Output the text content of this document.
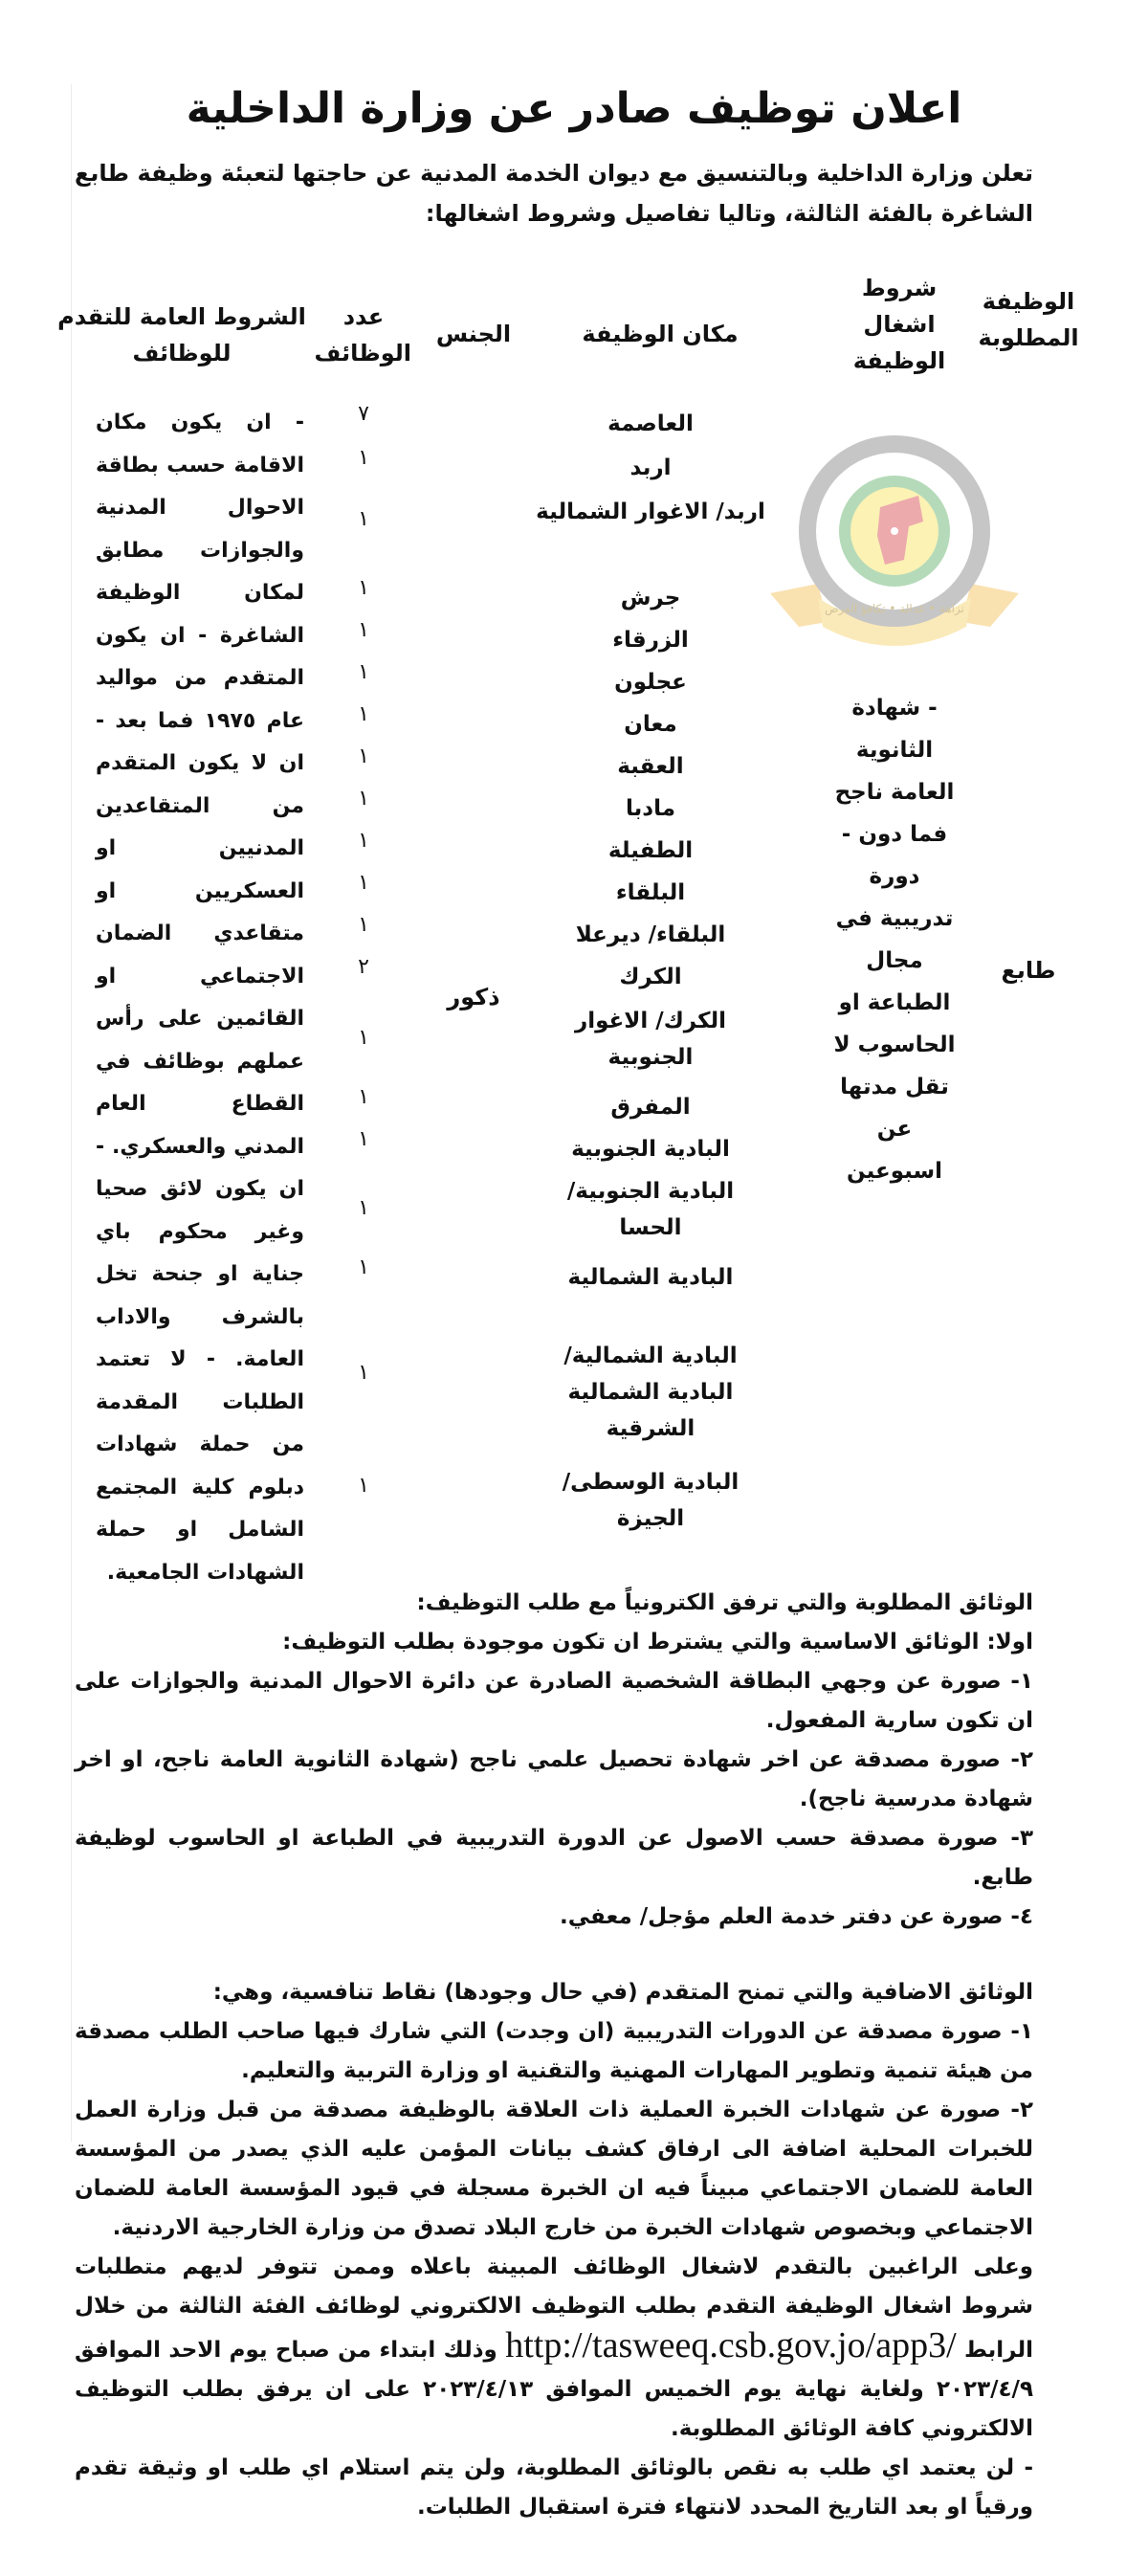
اعلان توظيف صادر عن وزارة الداخلية
تعلن وزارة الداخلية وبالتنسيق مع ديوان الخدمة المدنية عن حاجتها لتعبئة وظيفة طابع الشاغرة بالفئة الثالثة، وتاليا تفاصيل وشروط اشغالها:
الوظيفة المطلوبة
شروط اشغال الوظيفة
مكان الوظيفة
الجنس
عدد الوظائف
الشروط العامة للتقدم للوظائف
نزاهة • عدالة • تكافؤ الفرص
طابع
ذكور
- شهادة الثانوية العامة ناجح فما دون - دورة تدريبية في مجال الطباعة او الحاسوب لا تقل مدتها عن اسبوعين
العاصمة
اربد
اربد/ الاغوار الشمالية
جرش
الزرقاء
عجلون
معان
العقبة
مادبا
الطفيلة
البلقاء
البلقاء/ ديرعلا
الكرك
الكرك/ الاغوار الجنوبية
المفرق
البادية الجنوبية
البادية الجنوبية/ الحسا
البادية الشمالية
البادية الشمالية/ البادية الشمالية الشرقية
البادية الوسطى/ الجيزة
٧
١
١
١
١
١
١
١
١
١
١
١
٢
١
١
١
١
١
١
١
- ان يكون مكان الاقامة حسب بطاقة الاحوال المدنية والجوازات مطابق لمكان الوظيفة الشاغرة - ان يكون المتقدم من مواليد عام ١٩٧٥ فما بعد - ان لا يكون المتقدم من المتقاعدين المدنيين او العسكريين او متقاعدي الضمان الاجتماعي او القائمين على رأس عملهم بوظائف في القطاع العام المدني والعسكري. - ان يكون لائق صحيا وغير محكوم باي جناية او جنحة تخل بالشرف والاداب العامة. - لا تعتمد الطلبات المقدمة من حملة شهادات دبلوم كلية المجتمع الشامل او حملة الشهادات الجامعية.

الوثائق المطلوبة والتي ترفق الكترونياً مع طلب التوظيف:

اولا: الوثائق الاساسية والتي يشترط ان تكون موجودة بطلب التوظيف:

١- صورة عن وجهي البطاقة الشخصية الصادرة عن دائرة الاحوال المدنية والجوازات على ان تكون سارية المفعول.

٢- صورة مصدقة عن اخر شهادة تحصيل علمي ناجح (شهادة الثانوية العامة ناجح، او اخر شهادة مدرسية ناجح).

٣- صورة مصدقة حسب الاصول عن الدورة التدريبية في الطباعة او الحاسوب لوظيفة طابع.

٤- صورة عن دفتر خدمة العلم مؤجل/ معفي.

الوثائق الاضافية والتي تمنح المتقدم (في حال وجودها) نقاط تنافسية، وهي:

١- صورة مصدقة عن الدورات التدريبية (ان وجدت) التي شارك فيها صاحب الطلب مصدقة من هيئة تنمية وتطوير المهارات المهنية والتقنية او وزارة التربية والتعليم.

٢- صورة عن شهادات الخبرة العملية ذات العلاقة بالوظيفة مصدقة من قبل وزارة العمل للخبرات المحلية اضافة الى ارفاق كشف بيانات المؤمن عليه الذي يصدر من المؤسسة العامة للضمان الاجتماعي مبيناً فيه ان الخبرة مسجلة في قيود المؤسسة العامة للضمان الاجتماعي وبخصوص شهادات الخبرة من خارج البلاد تصدق من وزارة الخارجية الاردنية.

وعلى الراغبين بالتقدم لاشغال الوظائف المبينة باعلاه وممن تتوفر لديهم متطلبات شروط اشغال الوظيفة التقدم بطلب التوظيف الالكتروني لوظائف الفئة الثالثة من خلال الرابط http://tasweeq.csb.gov.jo/app3/ وذلك ابتداء من صباح يوم الاحد الموافق ٢٠٢٣/٤/٩ ولغاية نهاية يوم الخميس الموافق ٢٠٢٣/٤/١٣ على ان يرفق بطلب التوظيف الالكتروني كافة الوثائق المطلوبة.

- لن يعتمد اي طلب به نقص بالوثائق المطلوبة، ولن يتم استلام اي طلب او وثيقة تقدم ورقياً او بعد التاريخ المحدد لانتهاء فترة استقبال الطلبات.
